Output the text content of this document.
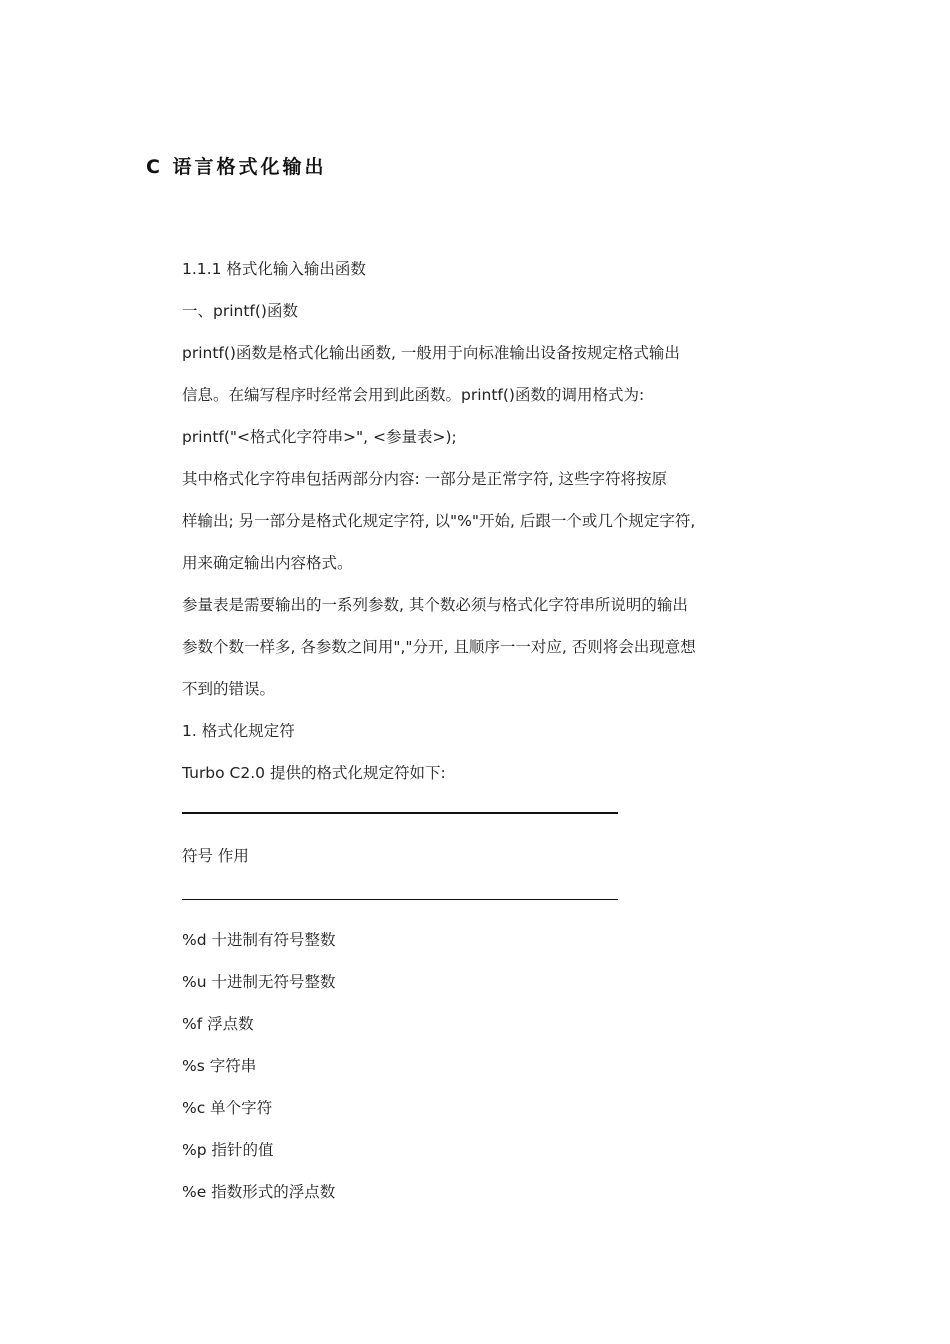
C 语言格式化输出
1.1.1 格式化输入输出函数
一、printf()函数
printf()函数是格式化输出函数, 一般用于向标准输出设备按规定格式输出
信息。在编写程序时经常会用到此函数。printf()函数的调用格式为:
printf("<格式化字符串>", <参量表>);
其中格式化字符串包括两部分内容: 一部分是正常字符, 这些字符将按原
样输出; 另一部分是格式化规定字符, 以"%"开始, 后跟一个或几个规定字符,
用来确定输出内容格式。
参量表是需要输出的一系列参数, 其个数必须与格式化字符串所说明的输出
参数个数一样多, 各参数之间用","分开, 且顺序一一对应, 否则将会出现意想
不到的错误。
1. 格式化规定符
Turbo C2.0 提供的格式化规定符如下:
符号 作用
%d 十进制有符号整数
%u 十进制无符号整数
%f 浮点数
%s 字符串
%c 单个字符
%p 指针的值
%e 指数形式的浮点数
